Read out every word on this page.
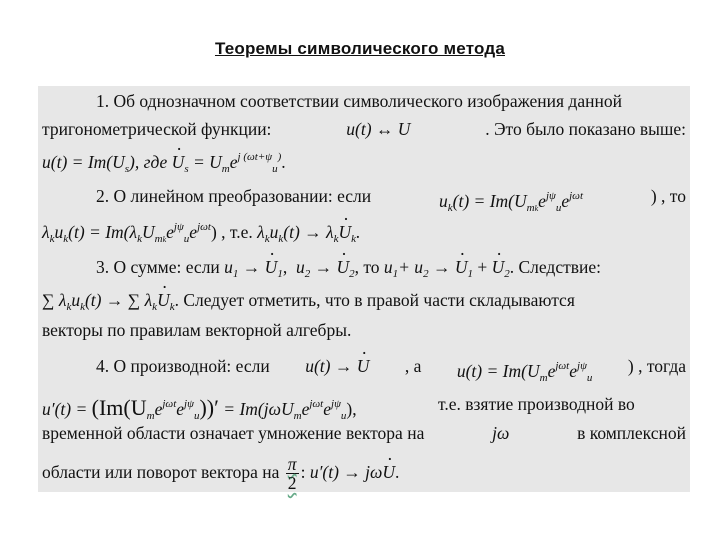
Теоремы символического метода
1. Об однозначном соответствии символического изображения данной
тригонометрической функции:	u(t) ↔ U	. Это было показано выше:
$u(t) = Im(U_s)$, где · $U_s = U_me^{j (\omega t+\psi}_u^)$.
2. О линейном преобразовании: если	$u_k(t) = Im(U_{mk}e^{j\psi}_ue^{j\omega t}$	) , то
$\lambda_ku_k(t) = Im(\lambda_kU_{mk}e^{j\psi}_ue^{j\omega t})$ , т.е. $\lambda_ku_k(t) \to \lambda_k\cdot U_k$.
3. О сумме: если $u_1$ → · $U_1$, $u_2$ → · $U_2$, то $u_1+ u_2$ → · $U_1$ + · $U_2$. Следствие:
∑ $\lambda_ku_k(t)$ → ∑ $\lambda_k\cdot U_k$. Следует отметить, что в правой части складываются
векторы по правилам векторной алгебры.
4. О производной: если u(t) → · U , а $u(t) = Im(U_me^{j\omega t}e^{j\psi}_u$
) , тогда
$u'(t) = (Im(U_me^{j\omega t}e^{j\psi}_u))' = Im(j\omega U_me^{j\omega t}e^{j\psi}_u)$,	т.е. взятие производной во
временной области означает умножение вектора на	jω	в комплексной
области или поворот вектора на $\frac{\pi}{2}$ : u′(t) → jω· U.
